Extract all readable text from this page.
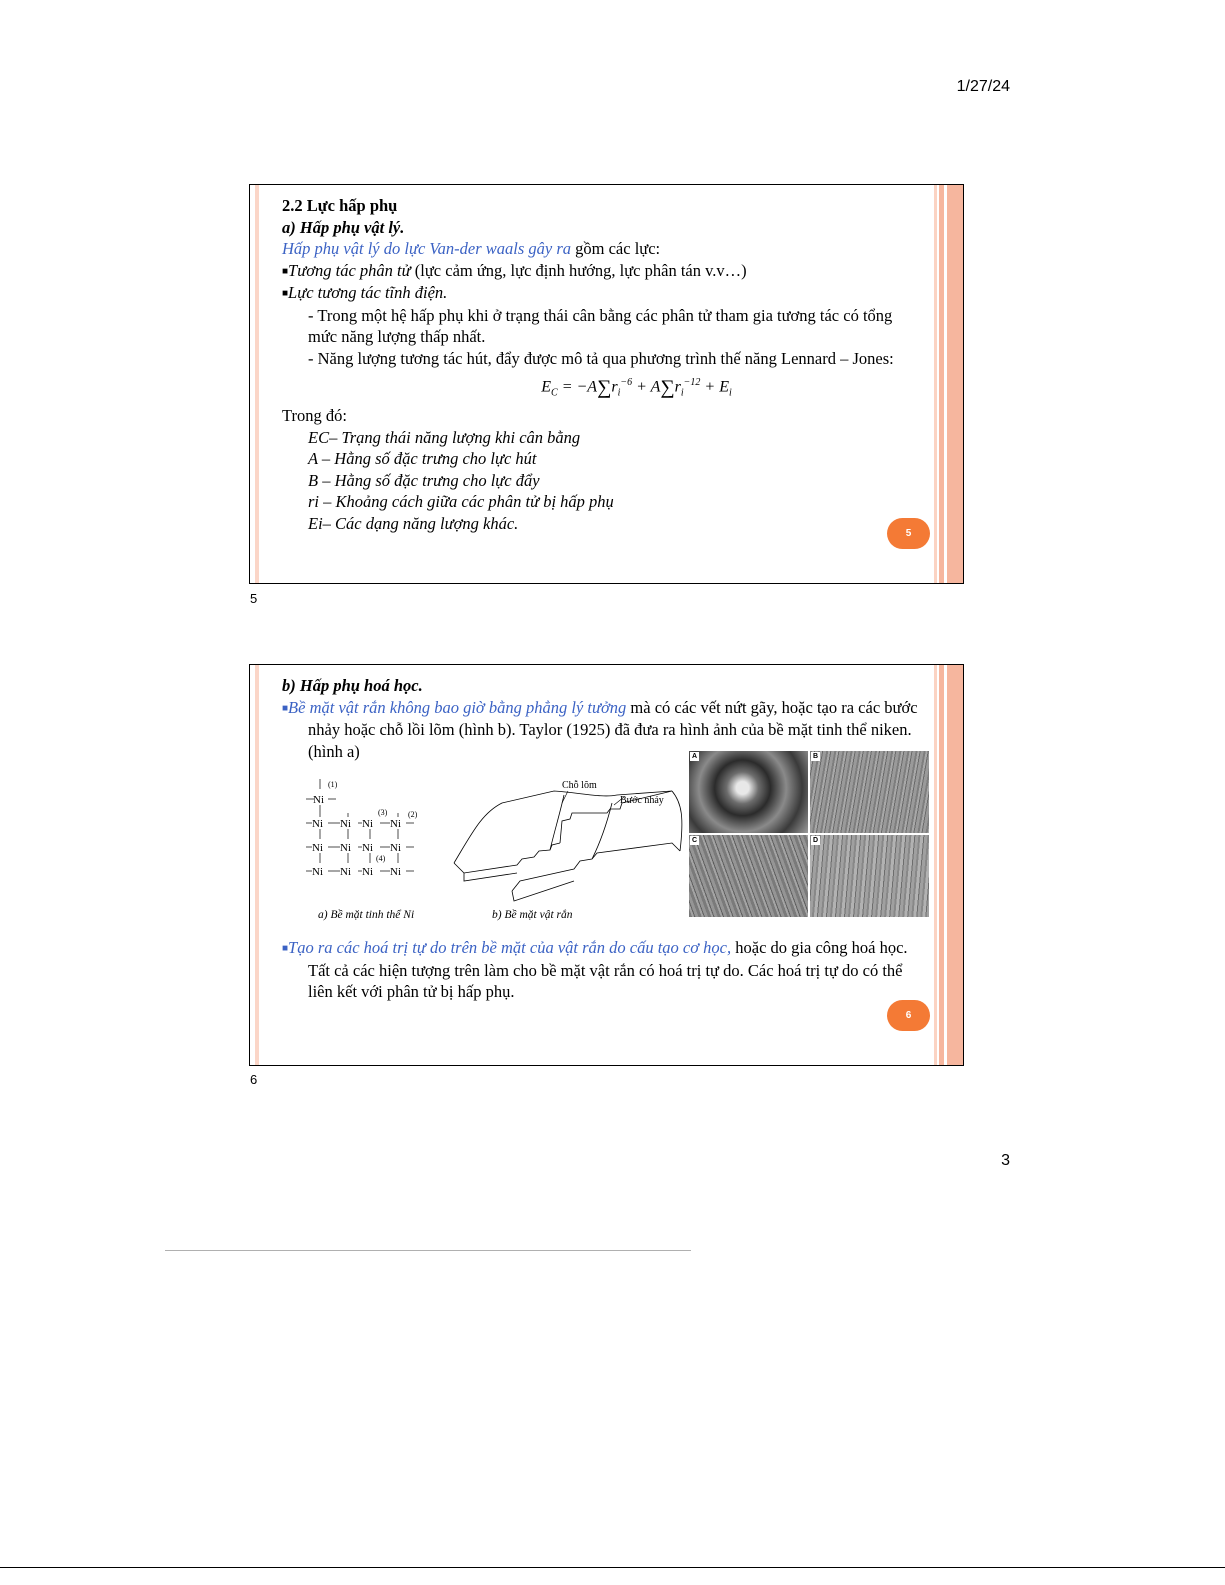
1/27/24
2.2 Lực hấp phụ
a) Hấp phụ vật lý.
Hấp phụ vật lý do lực Van-der waals gây ra gồm các lực:
■Tương tác phân tử (lực cảm ứng, lực định hướng, lực phân tán v.v…)
■Lực tương tác tĩnh điện.
- Trong một hệ hấp phụ khi ở trạng thái cân bằng các phân tử tham gia tương tác có tổng mức năng lượng thấp nhất.
- Năng lượng tương tác hút, đẩy được mô tả qua phương trình thế năng Lennard – Jones:
$E_C = -A\sum r_i^{-6} + A\sum r_i^{-12} + E_i$
Trong đó:
EC– Trạng thái năng lượng khi cân bằng
A – Hằng số đặc trưng cho lực hút
B – Hằng số đặc trưng cho lực đẩy
ri – Khoảng cách giữa các phân tử bị hấp phụ
Ei– Các dạng năng lượng khác.
5
5
b) Hấp phụ hoá học.
■Bề mặt vật rắn không bao giờ bằng phẳng lý tưởng mà có các vết nứt gãy, hoặc tạo ra các bước nhảy hoặc chỗ lồi lõm (hình b). Taylor (1925) đã đưa ra hình ảnh của bề mặt tinh thể niken. (hình a)
Ni
Ni Ni Ni Ni
Ni Ni Ni Ni
Ni Ni Ni Ni
(1)
(2)
(3)
(4)
Chỗ lõm
Bước nhảy
a) Bề mặt tinh thể Ni	b) Bề mặt vật rắn
A	B
C	D
■Tạo ra các hoá trị tự do trên bề mặt của vật rắn do cấu tạo cơ học, hoặc do gia công hoá học. Tất cả các hiện tượng trên làm cho bề mặt vật rắn có hoá trị tự do. Các hoá trị tự do có thể liên kết với phân tử bị hấp phụ.
6
6
3
